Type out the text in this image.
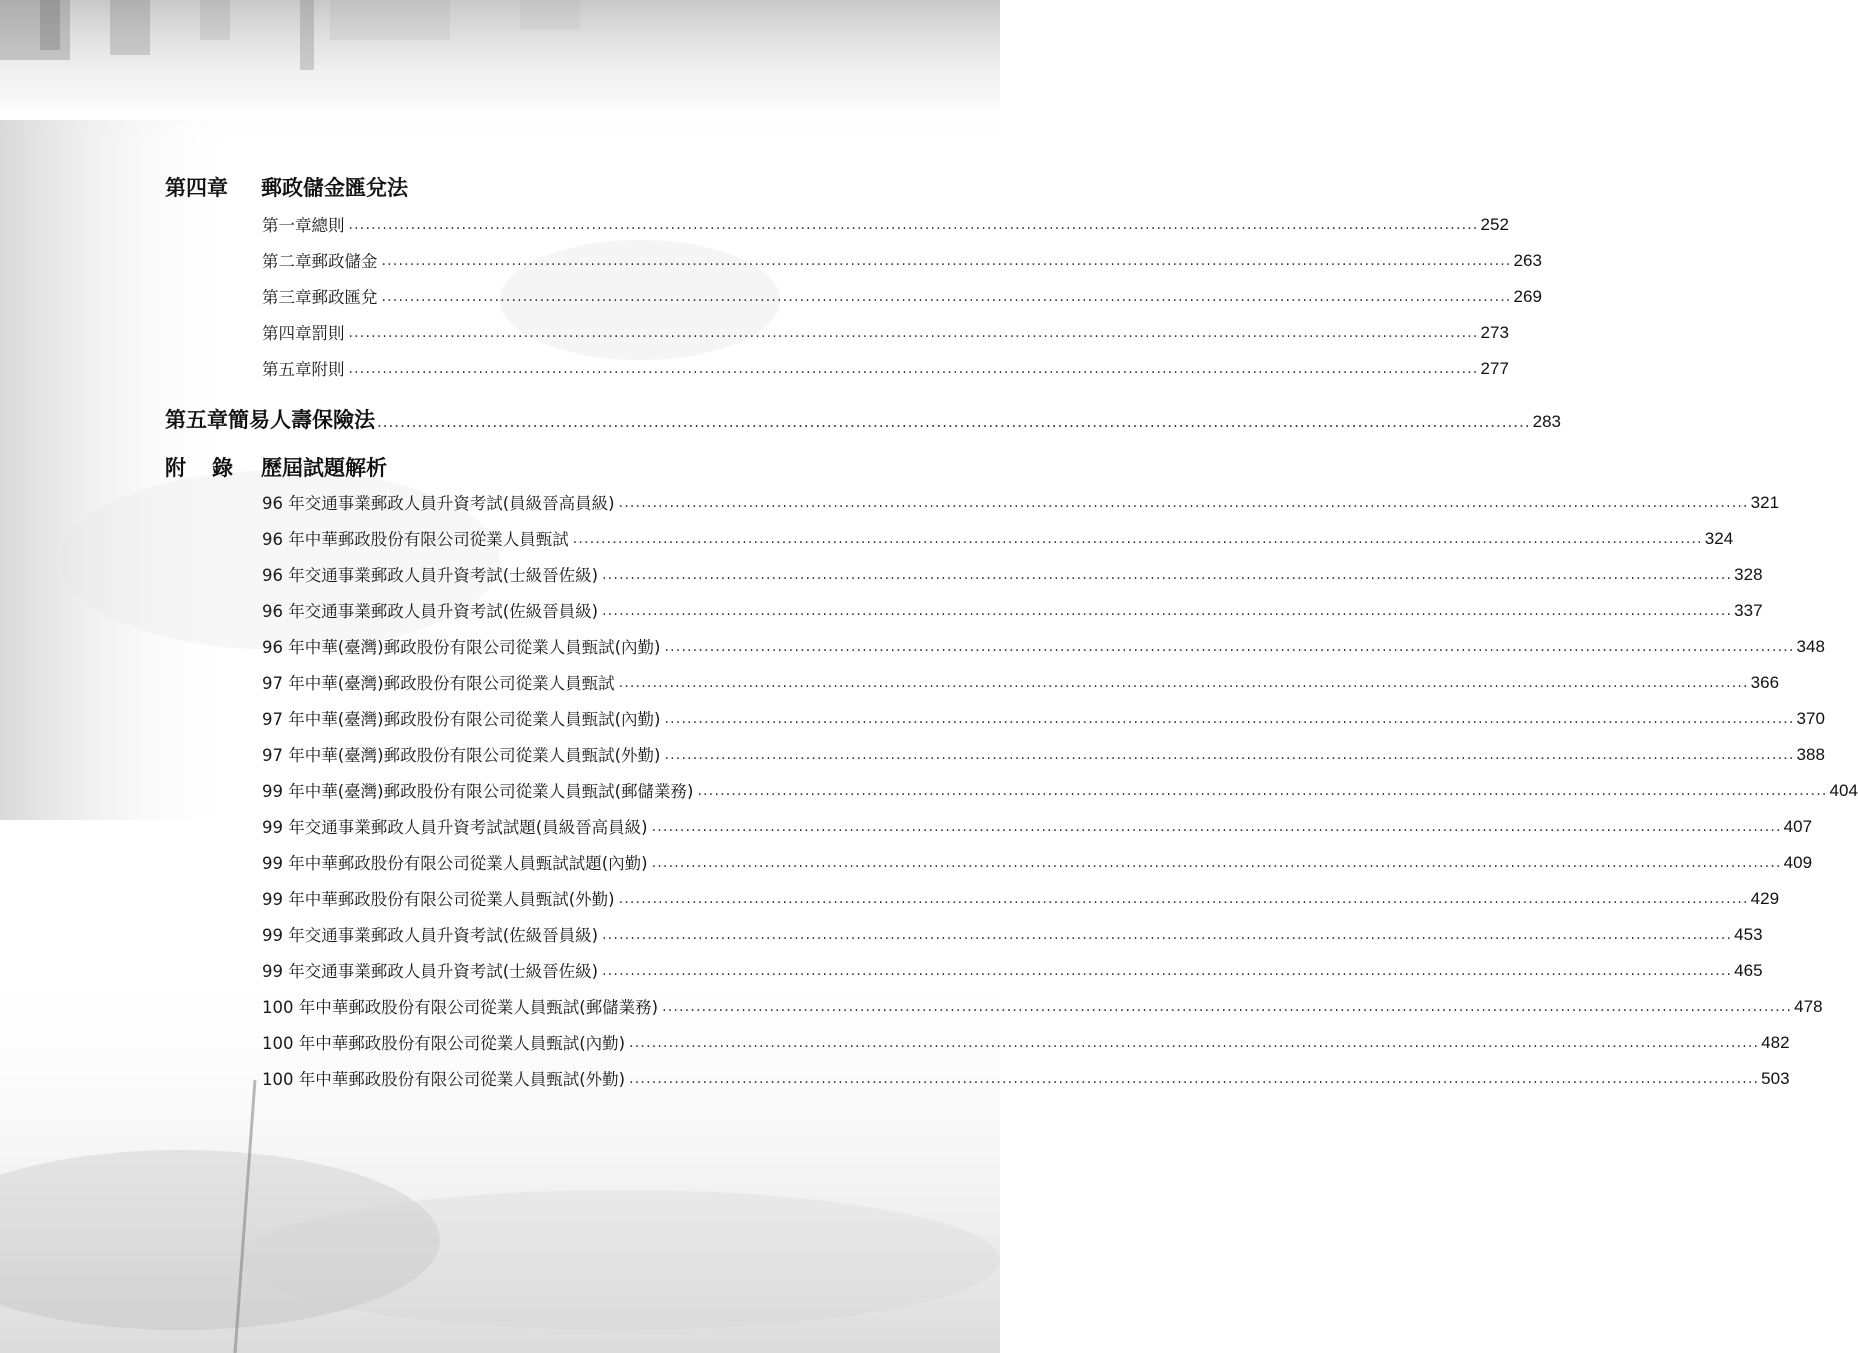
第四章	郵政儲金匯兌法
第一章 總則 ........................................................................................................................................................................................................ 252
第二章 郵政儲金 ........................................................................................................................................................................................................ 263
第三章 郵政匯兌 ........................................................................................................................................................................................................ 269
第四章 罰則 ........................................................................................................................................................................................................ 273
第五章 附則 ........................................................................................................................................................................................................ 277
第五章 簡易人壽保險法 ........................................................................................................................................................................................................ 283
附錄 歷屆試題解析
96 年交通事業郵政人員升資考試(員級晉高員級) ........................................................................................................................................................................................................ 321
96 年中華郵政股份有限公司從業人員甄試 ........................................................................................................................................................................................................ 324
96 年交通事業郵政人員升資考試(士級晉佐級) ........................................................................................................................................................................................................ 328
96 年交通事業郵政人員升資考試(佐級晉員級) ........................................................................................................................................................................................................ 337
96 年中華(臺灣)郵政股份有限公司從業人員甄試(內勤) ........................................................................................................................................................................................................ 348
97 年中華(臺灣)郵政股份有限公司從業人員甄試 ........................................................................................................................................................................................................ 366
97 年中華(臺灣)郵政股份有限公司從業人員甄試(內勤) ........................................................................................................................................................................................................ 370
97 年中華(臺灣)郵政股份有限公司從業人員甄試(外勤) ........................................................................................................................................................................................................ 388
99 年中華(臺灣)郵政股份有限公司從業人員甄試(郵儲業務) ........................................................................................................................................................................................................ 404
99 年交通事業郵政人員升資考試試題(員級晉高員級) ........................................................................................................................................................................................................ 407
99 年中華郵政股份有限公司從業人員甄試試題(內勤) ........................................................................................................................................................................................................ 409
99 年中華郵政股份有限公司從業人員甄試(外勤) ........................................................................................................................................................................................................ 429
99 年交通事業郵政人員升資考試(佐級晉員級) ........................................................................................................................................................................................................ 453
99 年交通事業郵政人員升資考試(士級晉佐級) ........................................................................................................................................................................................................ 465
100 年中華郵政股份有限公司從業人員甄試(郵儲業務) ........................................................................................................................................................................................................ 478
100 年中華郵政股份有限公司從業人員甄試(內勤) ........................................................................................................................................................................................................ 482
100 年中華郵政股份有限公司從業人員甄試(外勤) ........................................................................................................................................................................................................ 503
